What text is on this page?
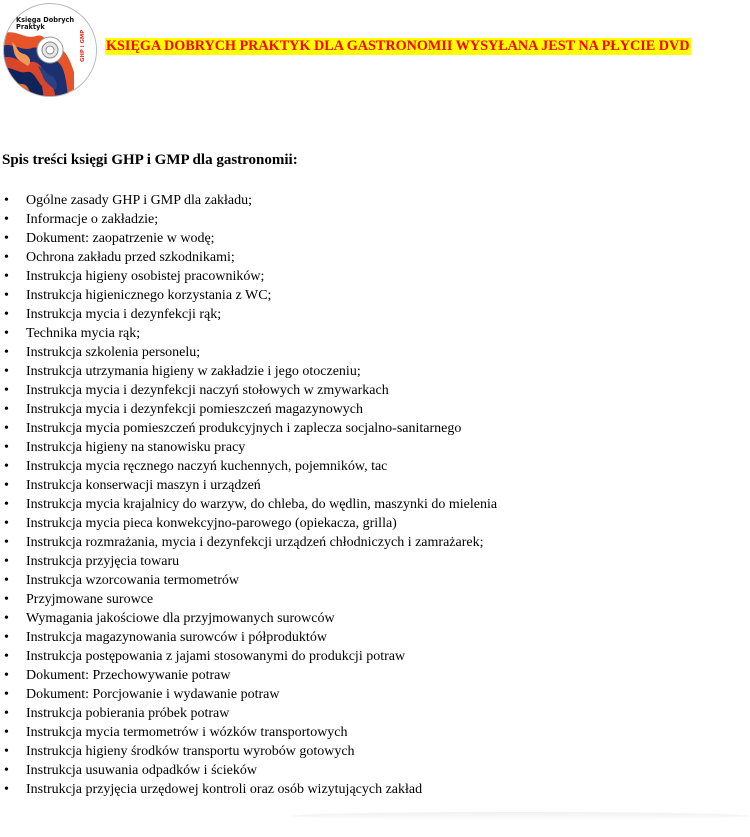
Księga Dobrych
Praktyk
GHP i GMP KSIĘGA DOBRYCH PRAKTYK DLA GASTRONOMII WYSYŁANA JEST NA PŁYCIE DVD
Spis treści księgi GHP i GMP dla gastronomii:
• Ogólne zasady GHP i GMP dla zakładu;
• Informacje o zakładzie;
• Dokument: zaopatrzenie w wodę;
• Ochrona zakładu przed szkodnikami;
• Instrukcja higieny osobistej pracowników;
• Instrukcja higienicznego korzystania z WC;
• Instrukcja mycia i dezynfekcji rąk;
• Technika mycia rąk;
• Instrukcja szkolenia personelu;
• Instrukcja utrzymania higieny w zakładzie i jego otoczeniu;
• Instrukcja mycia i dezynfekcji naczyń stołowych w zmywarkach
• Instrukcja mycia i dezynfekcji pomieszczeń magazynowych
• Instrukcja mycia pomieszczeń produkcyjnych i zaplecza socjalno-sanitarnego
• Instrukcja higieny na stanowisku pracy
• Instrukcja mycia ręcznego naczyń kuchennych, pojemników, tac
• Instrukcja konserwacji maszyn i urządzeń
• Instrukcja mycia krajalnicy do warzyw, do chleba, do wędlin, maszynki do mielenia
• Instrukcja mycia pieca konwekcyjno-parowego (opiekacza, grilla)
• Instrukcja rozmrażania, mycia i dezynfekcji urządzeń chłodniczych i zamrażarek;
• Instrukcja przyjęcia towaru
• Instrukcja wzorcowania termometrów
• Przyjmowane surowce
• Wymagania jakościowe dla przyjmowanych surowców
• Instrukcja magazynowania surowców i półproduktów
• Instrukcja postępowania z jajami stosowanymi do produkcji potraw
• Dokument: Przechowywanie potraw
• Dokument: Porcjowanie i wydawanie potraw
• Instrukcja pobierania próbek potraw
• Instrukcja mycia termometrów i wózków transportowych
• Instrukcja higieny środków transportu wyrobów gotowych
• Instrukcja usuwania odpadków i ścieków
• Instrukcja przyjęcia urzędowej kontroli oraz osób wizytujących zakład
